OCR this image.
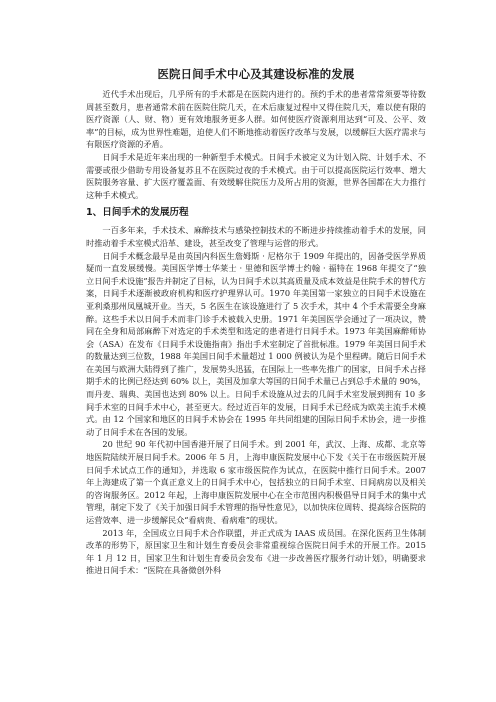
医院日间手术中心及其建设标准的发展

近代手术出现后，几乎所有的手术都是在医院内进行的。预约手术的患者常常须要等待数周甚至数月，患者通常术前在医院住院几天，在术后康复过程中又得住院几天，难以使有限的医疗资源（人、财、物）更有效地服务更多人群。如何使医疗资源利用达到“可及、公平、效率”的目标，成为世界性难题，迫使人们不断地推动着医疗改革与发展，以缓解巨大医疗需求与有限医疗资源的矛盾。

日间手术是近年来出现的一种新型手术模式。日间手术被定义为计划入院、计划手术、不需要或很少借助专用设备复苏且不在医院过夜的手术模式。由于可以提高医院运行效率、增大医院服务容量、扩大医疗覆盖面、有效缓解住院压力及所占用的资源，世界各国都在大力推行这种手术模式。

1、日间手术的发展历程

一百多年来，手术技术、麻醉技术与感染控制技术的不断进步持续推动着手术的发展，同时推动着手术室模式沿革、建设，甚至改变了管理与运营的形式。

日间手术概念最早是由英国内科医生詹姆斯 · 尼格尔于 1909 年提出的，因备受医学界质疑而一直发展缓慢。美国医学博士华莱士 · 里德和医学博士约翰 · 福特在 1968 年提交了“独立日间手术设施”报告并制定了目标，认为日间手术以其高质量及成本效益是住院手术的替代方案，日间手术逐渐被政府机构和医疗护理界认可。1970 年美国第一家独立的日间手术设施在亚利桑那州凤凰城开业。当天，5 名医生在该设施进行了 5 次手术，其中 4 个手术需要全身麻醉。这些手术以日间手术而非门诊手术被载入史册。1971 年美国医学会通过了一项决议，赞同在全身和局部麻醉下对选定的手术类型和选定的患者进行日间手术。1973 年美国麻醉师协会（ASA）在发布《日间手术设施指南》指出手术室制定了首批标准。1979 年美国日间手术的数量达到三位数，1988 年美国日间手术量超过 1 000 例被认为是个里程碑。随后日间手术在美国与欧洲大陆得到了推广，发展势头迅猛，在国际上一些率先推广的国家，日间手术占择期手术的比例已经达到 60% 以上，美国及加拿大等国的日间手术量已占到总手术量的 90%，而丹麦、瑞典、美国也达到 80% 以上。日间手术设施从过去的几间手术室发展到拥有 10 多间手术室的日间手术中心，甚至更大。经过近百年的发展，日间手术已经成为欧美主流手术模式。由 12 个国家和地区的日间手术协会在 1995 年共同组建的国际日间手术协会，进一步推动了日间手术在各国的发展。

20 世纪 90 年代初中国香港开展了日间手术。到 2001 年，武汉、上海、成都、北京等地医院陆续开展日间手术。2006 年 5 月，上海申康医院发展中心下发《关于在市级医院开展日间手术试点工作的通知》，并选取 6 家市级医院作为试点，在医院中推行日间手术。2007 年上海建成了第一个真正意义上的日间手术中心，包括独立的日间手术室、日间病房以及相关的咨询服务区。2012 年起，上海申康医院发展中心在全市范围内积极倡导日间手术的集中式管理，制定下发了《关于加强日间手术管理的指导性意见》，以加快床位周转、提高综合医院的运营效率、进一步缓解民众“看病贵、看病难”的现状。

2013 年，全国成立日间手术合作联盟，并正式成为 IAAS 成员国。在深化医药卫生体制改革的形势下，原国家卫生和计划生育委员会非常重视综合医院日间手术的开展工作。2015 年 1 月 12 日，国家卫生和计划生育委员会发布《进一步改善医疗服务行动计划》，明确要求推进日间手术：“医院在具备微创外科
